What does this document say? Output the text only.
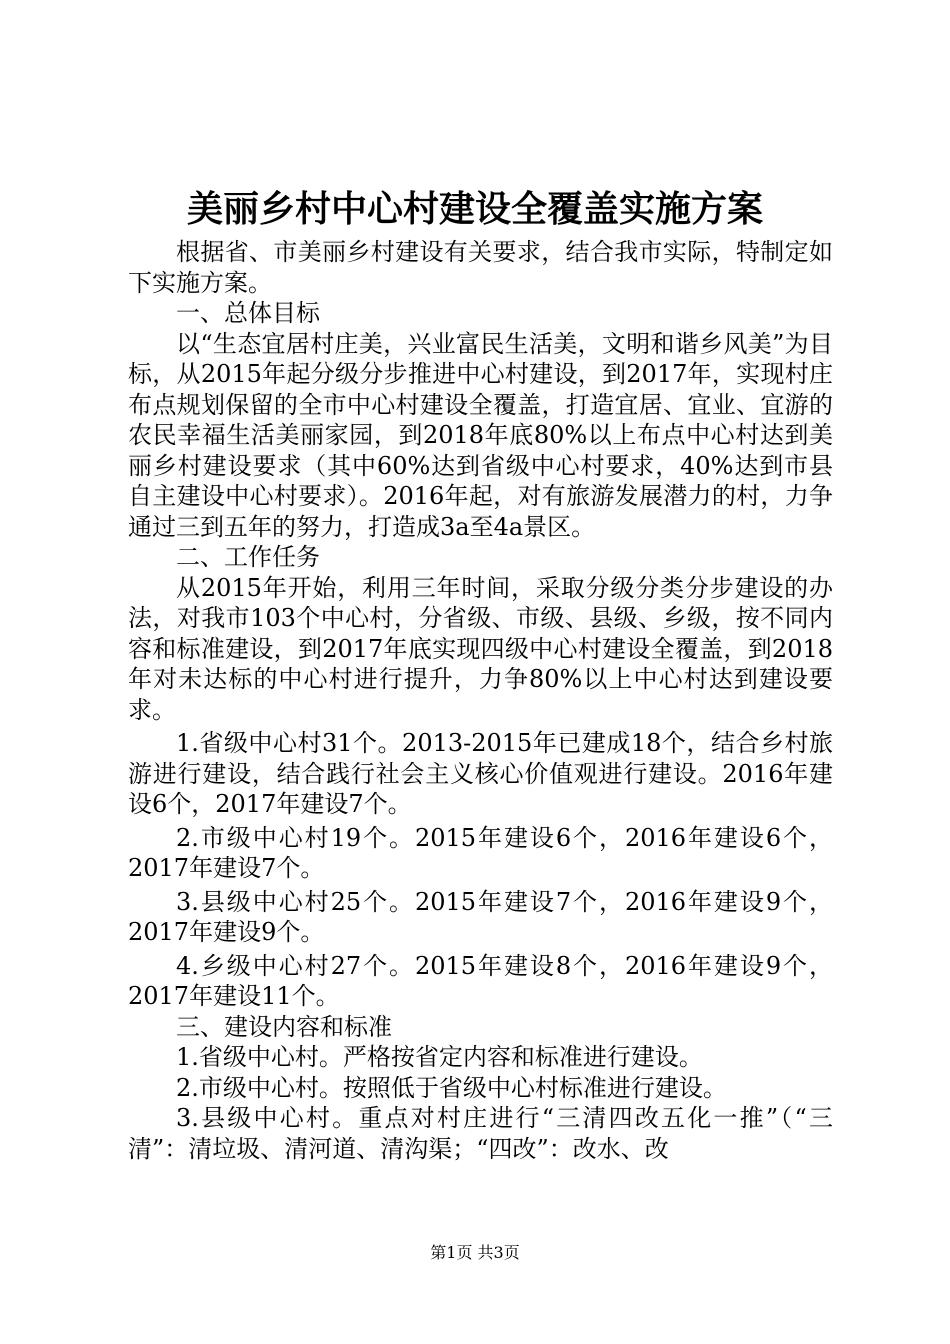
美丽乡村中心村建设全覆盖实施方案

根据省、市美丽乡村建设有关要求，结合我市实际，特制定如下实施方案。

一、总体目标

以“生态宜居村庄美，兴业富民生活美，文明和谐乡风美”为目标，从2015年起分级分步推进中心村建设，到2017年，实现村庄布点规划保留的全市中心村建设全覆盖，打造宜居、宜业、宜游的农民幸福生活美丽家园，到2018年底80%以上布点中心村达到美丽乡村建设要求（其中60%达到省级中心村要求，40%达到市县自主建设中心村要求）。2016年起，对有旅游发展潜力的村，力争通过三到五年的努力，打造成3a至4a景区。

二、工作任务

从2015年开始，利用三年时间，采取分级分类分步建设的办法，对我市103个中心村，分省级、市级、县级、乡级，按不同内容和标准建设，到2017年底实现四级中心村建设全覆盖，到2018年对未达标的中心村进行提升，力争80%以上中心村达到建设要求。

1.省级中心村31个。2013-2015年已建成18个，结合乡村旅游进行建设，结合践行社会主义核心价值观进行建设。2016年建设6个，2017年建设7个。

2.市级中心村19个。2015年建设6个，2016年建设6个，2017年建设7个。

3.县级中心村25个。2015年建设7个，2016年建设9个，2017年建设9个。

4.乡级中心村27个。2015年建设8个，2016年建设9个，2017年建设11个。

三、建设内容和标准

1.省级中心村。严格按省定内容和标准进行建设。

2.市级中心村。按照低于省级中心村标准进行建设。

3.县级中心村。重点对村庄进行“三清四改五化一推”（“三清”：清垃圾、清河道、清沟渠；“四改”：改水、改

第1页 共3页
